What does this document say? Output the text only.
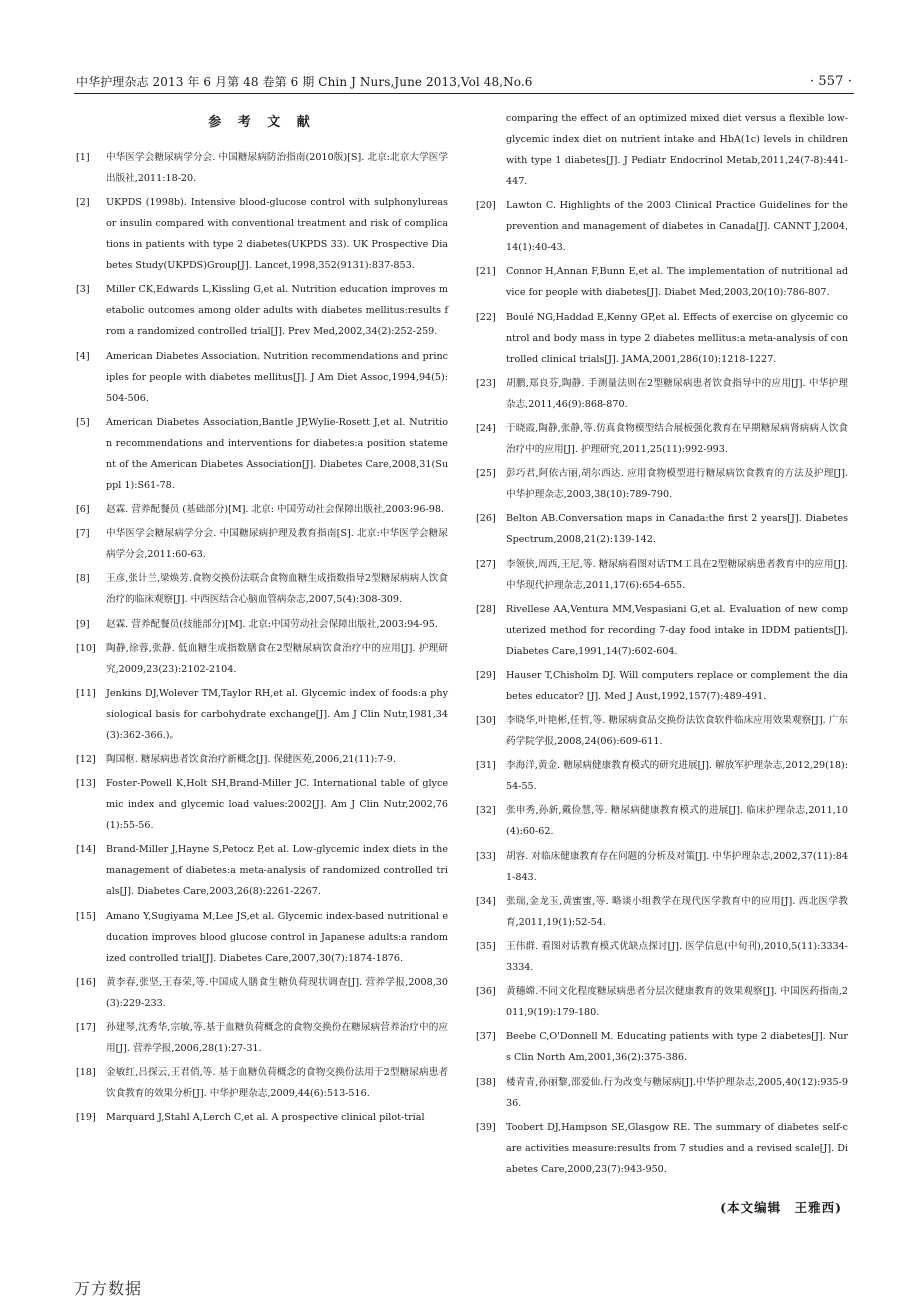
中华护理杂志 2013 年 6 月第 48 卷第 6 期 Chin J Nurs,June 2013,Vol 48,No.6	· 557 ·
参 考 文 献
[1]	中华医学会糖尿病学分会. 中国糖尿病防治指南(2010版)[S]. 北京:北京大学医学出版社,2011:18-20.
[2]	UKPDS (1998b). Intensive blood-glucose control with sulphonylureas or insulin compared with conventional treatment and risk of complications in patients with type 2 diabetes(UKPDS 33). UK Prospective Diabetes Study(UKPDS)Group[J]. Lancet,1998,352(9131):837-853.
[3]	Miller CK,Edwards L,Kissling G,et al. Nutrition education improves metabolic outcomes among older adults with diabetes mellitus:results from a randomized controlled trial[J]. Prev Med,2002,34(2):252-259.
[4]	American Diabetes Association. Nutrition recommendations and principles for people with diabetes mellitus[J]. J Am Diet Assoc,1994,94(5):504-506.
[5]	American Diabetes Association,Bantle JP,Wylie-Rosett J,et al. Nutrition recommendations and interventions for diabetes:a position statement of the American Diabetes Association[J]. Diabetes Care,2008,31(Suppl 1):S61-78.
[6]	赵霖. 营养配餐员 (基础部分)[M]. 北京: 中国劳动社会保障出版社,2003:96-98.
[7]	中华医学会糖尿病学分会. 中国糖尿病护理及教育指南[S]. 北京:中华医学会糖尿病学分会,2011:60-63.
[8]	王彦,张计兰,梁焕芳.食物交换份法联合食物血糖生成指数指导2型糖尿病病人饮食治疗的临床观察[J]. 中西医结合心脑血管病杂志,2007,5(4):308-309.
[9]	赵霖. 营养配餐员(技能部分)[M]. 北京:中国劳动社会保障出版社,2003:94-95.
[10]	陶静,徐蓉,张静. 低血糖生成指数膳食在2型糖尿病饮食治疗中的应用[J]. 护理研究,2009,23(23):2102-2104.
[11]	Jenkins DJ,Wolever TM,Taylor RH,et al. Glycemic index of foods:a physiological basis for carbohydrate exchange[J]. Am J Clin Nutr,1981,34(3):362-366.)。
[12]	陶国枢. 糖尿病患者饮食治疗新概念[J]. 保健医苑,2006,21(11):7-9.
[13]	Foster-Powell K,Holt SH,Brand-Miller JC. International table of glycemic index and glycemic load values:2002[J]. Am J Clin Nutr,2002,76(1):55-56.
[14]	Brand-Miller J,Hayne S,Petocz P,et al. Low-glycemic index diets in the management of diabetes:a meta-analysis of randomized controlled trials[J]. Diabetes Care,2003,26(8):2261-2267.
[15]	Amano Y,Sugiyama M,Lee JS,et al. Glycemic index-based nutritional education improves blood glucose control in Japanese adults:a randomized controlled trial[J]. Diabetes Care,2007,30(7):1874-1876.
[16]	黄李春,张坚,王春荣,等.中国成人膳食生糖负荷现状调查[J]. 营养学报,2008,30(3):229-233.
[17]	孙建琴,沈秀华,宗敏,等.基于血糖负荷概念的食物交换份在糖尿病营养治疗中的应用[J]. 营养学报,2006,28(1):27-31.
[18]	金敏红,吕探云,王君俏,等. 基于血糖负荷概念的食物交换份法用于2型糖尿病患者饮食教育的效果分析[J]. 中华护理杂志,2009,44(6):513-516.
[19]	Marquard J,Stahl A,Lerch C,et al. A prospective clinical pilot-trial
comparing the effect of an optimized mixed diet versus a flexible low-glycemic index diet on nutrient intake and HbA(1c) levels in children with type 1 diabetes[J]. J Pediatr Endocrinol Metab,2011,24(7-8):441-447.
[20]	Lawton C. Highlights of the 2003 Clinical Practice Guidelines for the prevention and management of diabetes in Canada[J]. CANNT J,2004,14(1):40-43.
[21]	Connor H,Annan F,Bunn E,et al. The implementation of nutritional advice for people with diabetes[J]. Diabet Med,2003,20(10):786-807.
[22]	Boulé NG,Haddad E,Kenny GP,et al. Effects of exercise on glycemic control and body mass in type 2 diabetes mellitus:a meta-analysis of controlled clinical trials[J]. JAMA,2001,286(10):1218-1227.
[23]	胡鹏,郑良芬,陶静. 手测量法则在2型糖尿病患者饮食指导中的应用[J]. 中华护理杂志,2011,46(9):868-870.
[24]	于晓霞,陶静,张静,等.仿真食物模型结合展板强化教育在早期糖尿病肾病病人饮食治疗中的应用[J]. 护理研究,2011,25(11):992-993.
[25]	彭巧君,阿依古丽,胡尔西达. 应用食物模型进行糖尿病饮食教育的方法及护理[J]. 中华护理杂志,2003,38(10):789-790.
[26]	Belton AB.Conversation maps in Canada:the first 2 years[J]. Diabetes Spectrum,2008,21(2):139-142.
[27]	李领侠,周西,王尼,等. 糖尿病看图对话TM工具在2型糖尿病患者教育中的应用[J]. 中华现代护理杂志,2011,17(6):654-655.
[28]	Rivellese AA,Ventura MM,Vespasiani G,et al. Evaluation of new computerized method for recording 7-day food intake in IDDM patients[J]. Diabetes Care,1991,14(7):602-604.
[29]	Hauser T,Chisholm DJ. Will computers replace or complement the diabetes educator? [J]. Med J Aust,1992,157(7):489-491.
[30]	李晓华,叶艳彬,任哲,等. 糖尿病食品交换份法饮食软件临床应用效果观察[J]. 广东药学院学报,2008,24(06):609-611.
[31]	李海洋,黄金. 糖尿病健康教育模式的研究进展[J]. 解放军护理杂志,2012,29(18):54-55.
[32]	张申秀,孙新,戴俭慧,等. 糖尿病健康教育模式的进展[J]. 临床护理杂志,2011,10(4):60-62.
[33]	胡容. 对临床健康教育存在问题的分析及对策[J]. 中华护理杂志,2002,37(11):841-843.
[34]	张瑞,金龙玉,黄蜜蜜,等. 略谈小组教学在现代医学教育中的应用[J]. 西北医学教育,2011,19(1):52-54.
[35]	王伟群. 看图对话教育模式优缺点探讨[J]. 医学信息(中旬刊),2010,5(11):3334-3334.
[36]	黄穗嫦.不同文化程度糖尿病患者分层次健康教育的效果观察[J]. 中国医药指南,2011,9(19):179-180.
[37]	Beebe C,O'Donnell M. Educating patients with type 2 diabetes[J]. Nurs Clin North Am,2001,36(2):375-386.
[38]	楼青青,孙丽黎,邵爱仙.行为改变与糖尿病[J].中华护理杂志,2005,40(12):935-936.
[39]	Toobert DJ,Hampson SE,Glasgow RE. The summary of diabetes self-care activities measure:results from 7 studies and a revised scale[J]. Diabetes Care,2000,23(7):943-950.
(本文编辑　王雅西)
万方数据
